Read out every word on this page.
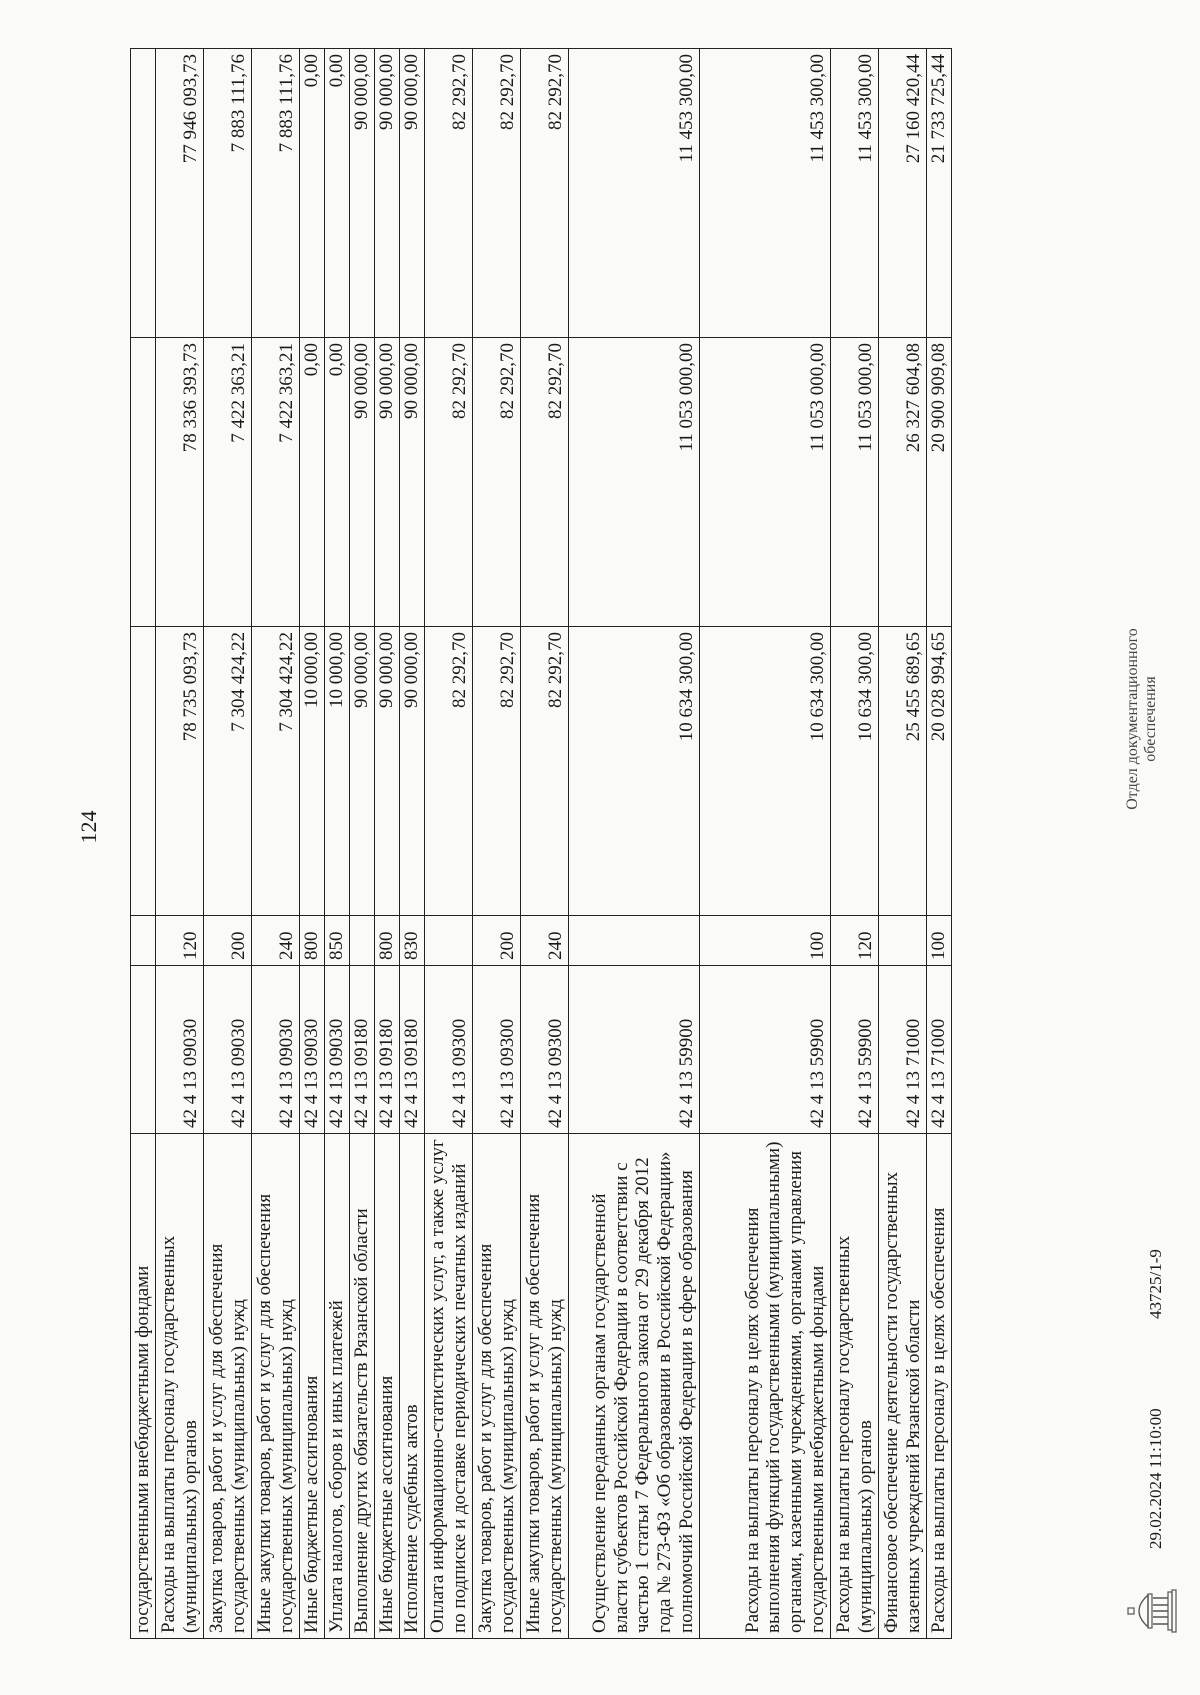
124
государственными внебюджетными фондами					
Расходы на выплаты персоналу государственных (муниципальных) органов	42 4 13 09030	120	78 735 093,73	78 336 393,73	77 946 093,73
Закупка товаров, работ и услуг для обеспечения государственных (муниципальных) нужд	42 4 13 09030	200	7 304 424,22	7 422 363,21	7 883 111,76
Иные закупки товаров, работ и услуг для обеспечения государственных (муниципальных) нужд	42 4 13 09030	240	7 304 424,22	7 422 363,21	7 883 111,76
Иные бюджетные ассигнования	42 4 13 09030	800	10 000,00	0,00	0,00
Уплата налогов, сборов и иных платежей	42 4 13 09030	850	10 000,00	0,00	0,00
Выполнение других обязательств Рязанской области	42 4 13 09180		90 000,00	90 000,00	90 000,00
Иные бюджетные ассигнования	42 4 13 09180	800	90 000,00	90 000,00	90 000,00
Исполнение судебных актов	42 4 13 09180	830	90 000,00	90 000,00	90 000,00
Оплата информационно-статистических услуг, а также услуг по подписке и доставке периодических печатных изданий	42 4 13 09300		82 292,70	82 292,70	82 292,70
Закупка товаров, работ и услуг для обеспечения государственных (муниципальных) нужд	42 4 13 09300	200	82 292,70	82 292,70	82 292,70
Иные закупки товаров, работ и услуг для обеспечения государственных (муниципальных) нужд	42 4 13 09300	240	82 292,70	82 292,70	82 292,70
Осуществление переданных органам государственной власти субъектов Российской Федерации в соответствии с частью 1 статьи 7 Федерального закона от 29 декабря 2012 года № 273-ФЗ «Об образовании в Российской Федерации» полномочий Российской Федерации в сфере образования	42 4 13 59900		10 634 300,00	11 053 000,00	11 453 300,00
Расходы на выплаты персоналу в целях обеспечения выполнения функций государственными (муниципальными) органами, казенными учреждениями, органами управления государственными внебюджетными фондами	42 4 13 59900	100	10 634 300,00	11 053 000,00	11 453 300,00
Расходы на выплаты персоналу государственных (муниципальных) органов	42 4 13 59900	120	10 634 300,00	11 053 000,00	11 453 300,00
Финансовое обеспечение деятельности государственных казенных учреждений Рязанской области	42 4 13 71000		25 455 689,65	26 327 604,08	27 160 420,44
Расходы на выплаты персоналу в целях обеспечения	42 4 13 71000	100	20 028 994,65	20 900 909,08	21 733 725,44
29.02.2024 11:10:00
43725/1-9
Отдел документационного обеспечения
